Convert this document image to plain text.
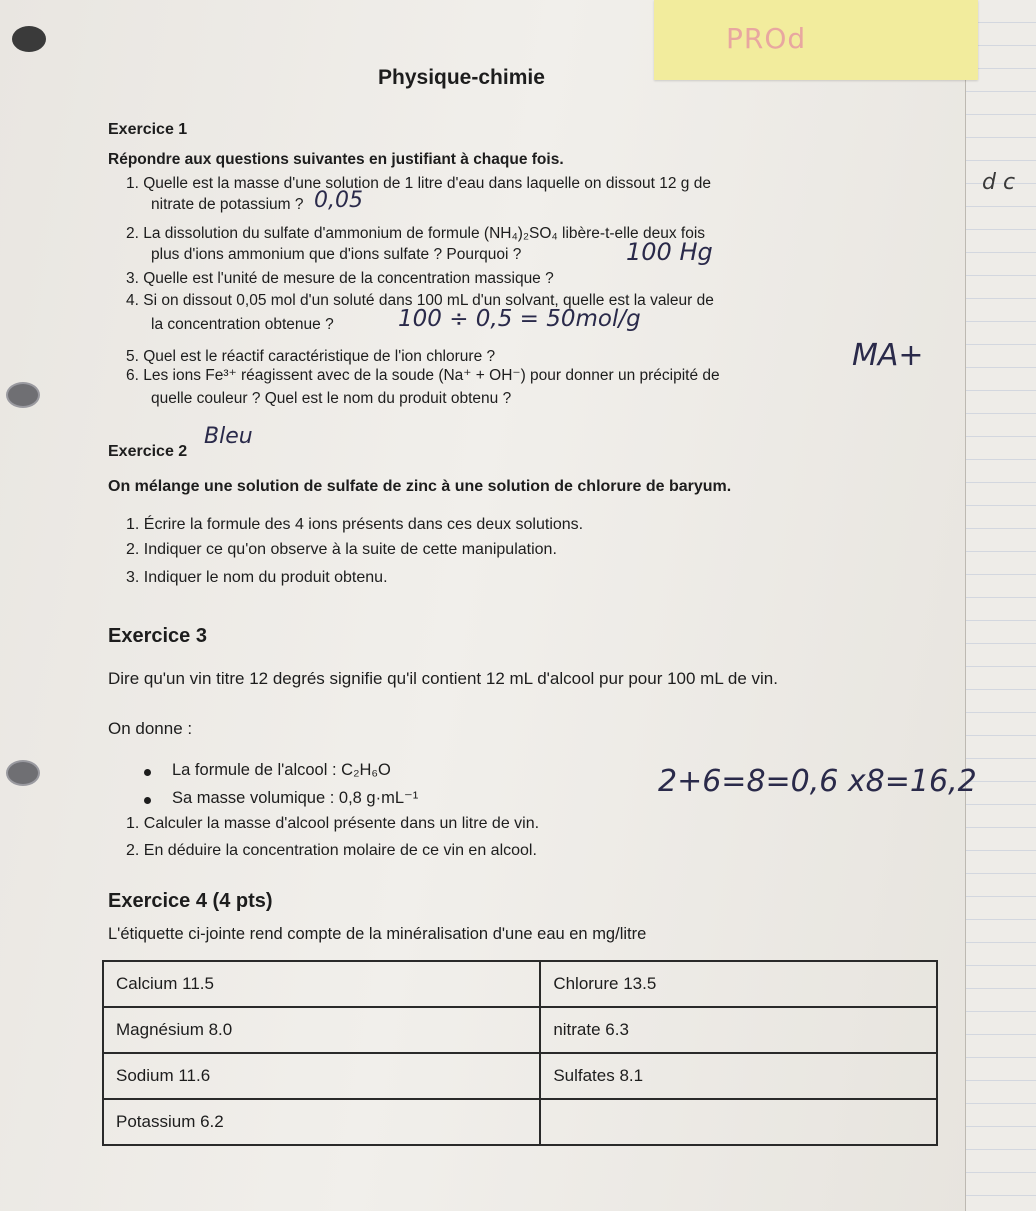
PROd
Physique-chimie
Exercice 1
Répondre aux questions suivantes en justifiant à chaque fois.
1. Quelle est la masse d'une solution de 1 litre d'eau dans laquelle on dissout 12 g de
nitrate de potassium ? 0,05
2. La dissolution du sulfate d'ammonium de formule (NH₄)₂SO₄ libère-t-elle deux fois
plus d'ions ammonium que d'ions sulfate ? Pourquoi ?	100 Hg
3. Quelle est l'unité de mesure de la concentration massique ?
4. Si on dissout 0,05 mol d'un soluté dans 100 mL d'un solvant, quelle est la valeur de
la concentration obtenue ?	100 ÷ 0,5 = 50mol/g
5. Quel est le réactif caractéristique de l'ion chlorure ?
6. Les ions Fe³⁺ réagissent avec de la soude (Na⁺ + OH⁻) pour donner un précipité de
MA+
quelle couleur ? Quel est le nom du produit obtenu ?
d c
Exercice 2
Bleu
On mélange une solution de sulfate de zinc à une solution de chlorure de baryum.
1. Écrire la formule des 4 ions présents dans ces deux solutions.
2. Indiquer ce qu'on observe à la suite de cette manipulation.
3. Indiquer le nom du produit obtenu.
Exercice 3
Dire qu'un vin titre 12 degrés signifie qu'il contient 12 mL d'alcool pur pour 100 mL de vin.
On donne :
La formule de l'alcool : C₂H₆O
Sa masse volumique : 0,8 g·mL⁻¹
1. Calculer la masse d'alcool présente dans un litre de vin.
2. En déduire la concentration molaire de ce vin en alcool.
2+6=8=0,6 x8=16,2
Exercice 4 (4 pts)
L'étiquette ci-jointe rend compte de la minéralisation d'une eau en mg/litre
Calcium 11.5	Chlorure 13.5
Magnésium 8.0	nitrate 6.3
Sodium 11.6	Sulfates 8.1
Potassium 6.2	
